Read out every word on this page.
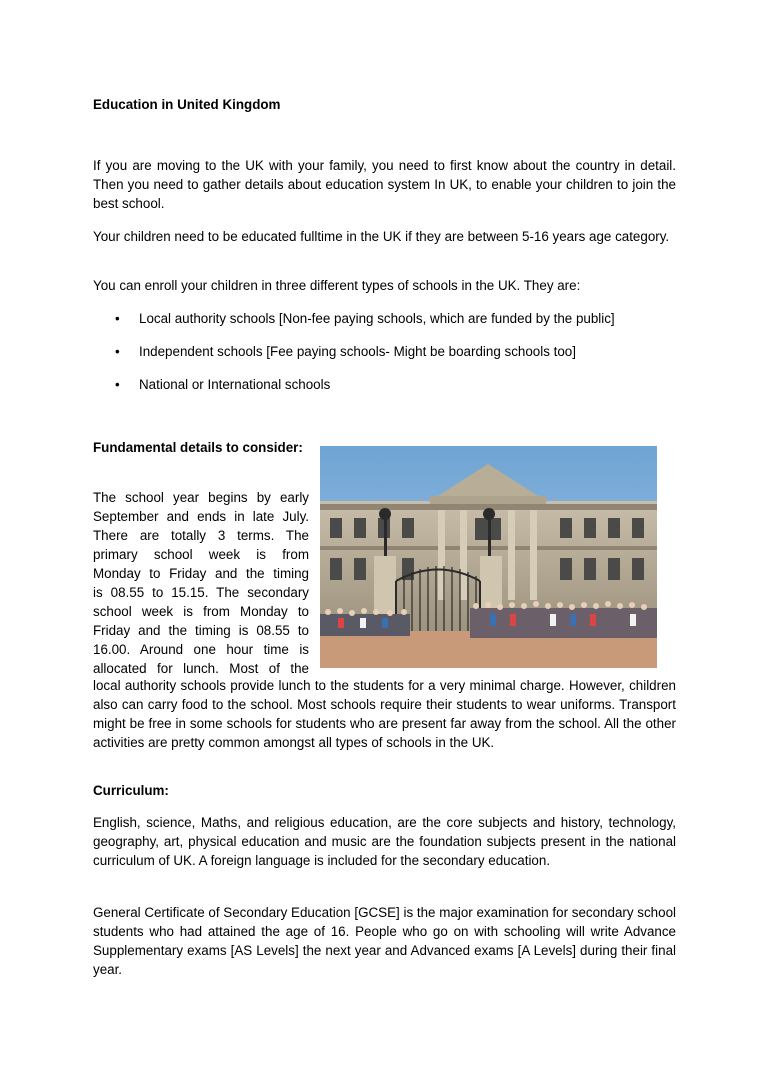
Education in United Kingdom

If you are moving to the UK with your family, you need to first know about the country in detail. Then you need to gather details about education system In UK, to enable your children to join the best school.

Your children need to be educated fulltime in the UK if they are between 5-16 years age category.

You can enroll your children in three different types of schools in the UK. They are:

• Local authority schools [Non-fee paying schools, which are funded by the public]
• Independent schools [Fee paying schools- Might be boarding schools too]
• National or International schools
Fundamental details to consider:
The school year begins by early
September and ends in late July.
There are totally 3 terms. The
primary school week is from
Monday to Friday and the timing
is 08.55 to 15.15. The secondary
school week is from Monday to
Friday and the timing is 08.55 to
16.00. Around one hour time is
allocated for lunch. Most of the

local authority schools provide lunch to the students for a very minimal charge. However, children also can carry food to the school. Most schools require their students to wear uniforms. Transport might be free in some schools for students who are present far away from the school. All the other activities are pretty common amongst all types of schools in the UK.

Curriculum:

English, science, Maths, and religious education, are the core subjects and history, technology, geography, art, physical education and music are the foundation subjects present in the national curriculum of UK. A foreign language is included for the secondary education.

General Certificate of Secondary Education [GCSE] is the major examination for secondary school students who had attained the age of 16. People who go on with schooling will write Advance Supplementary exams [AS Levels] the next year and Advanced exams [A Levels] during their final year.
